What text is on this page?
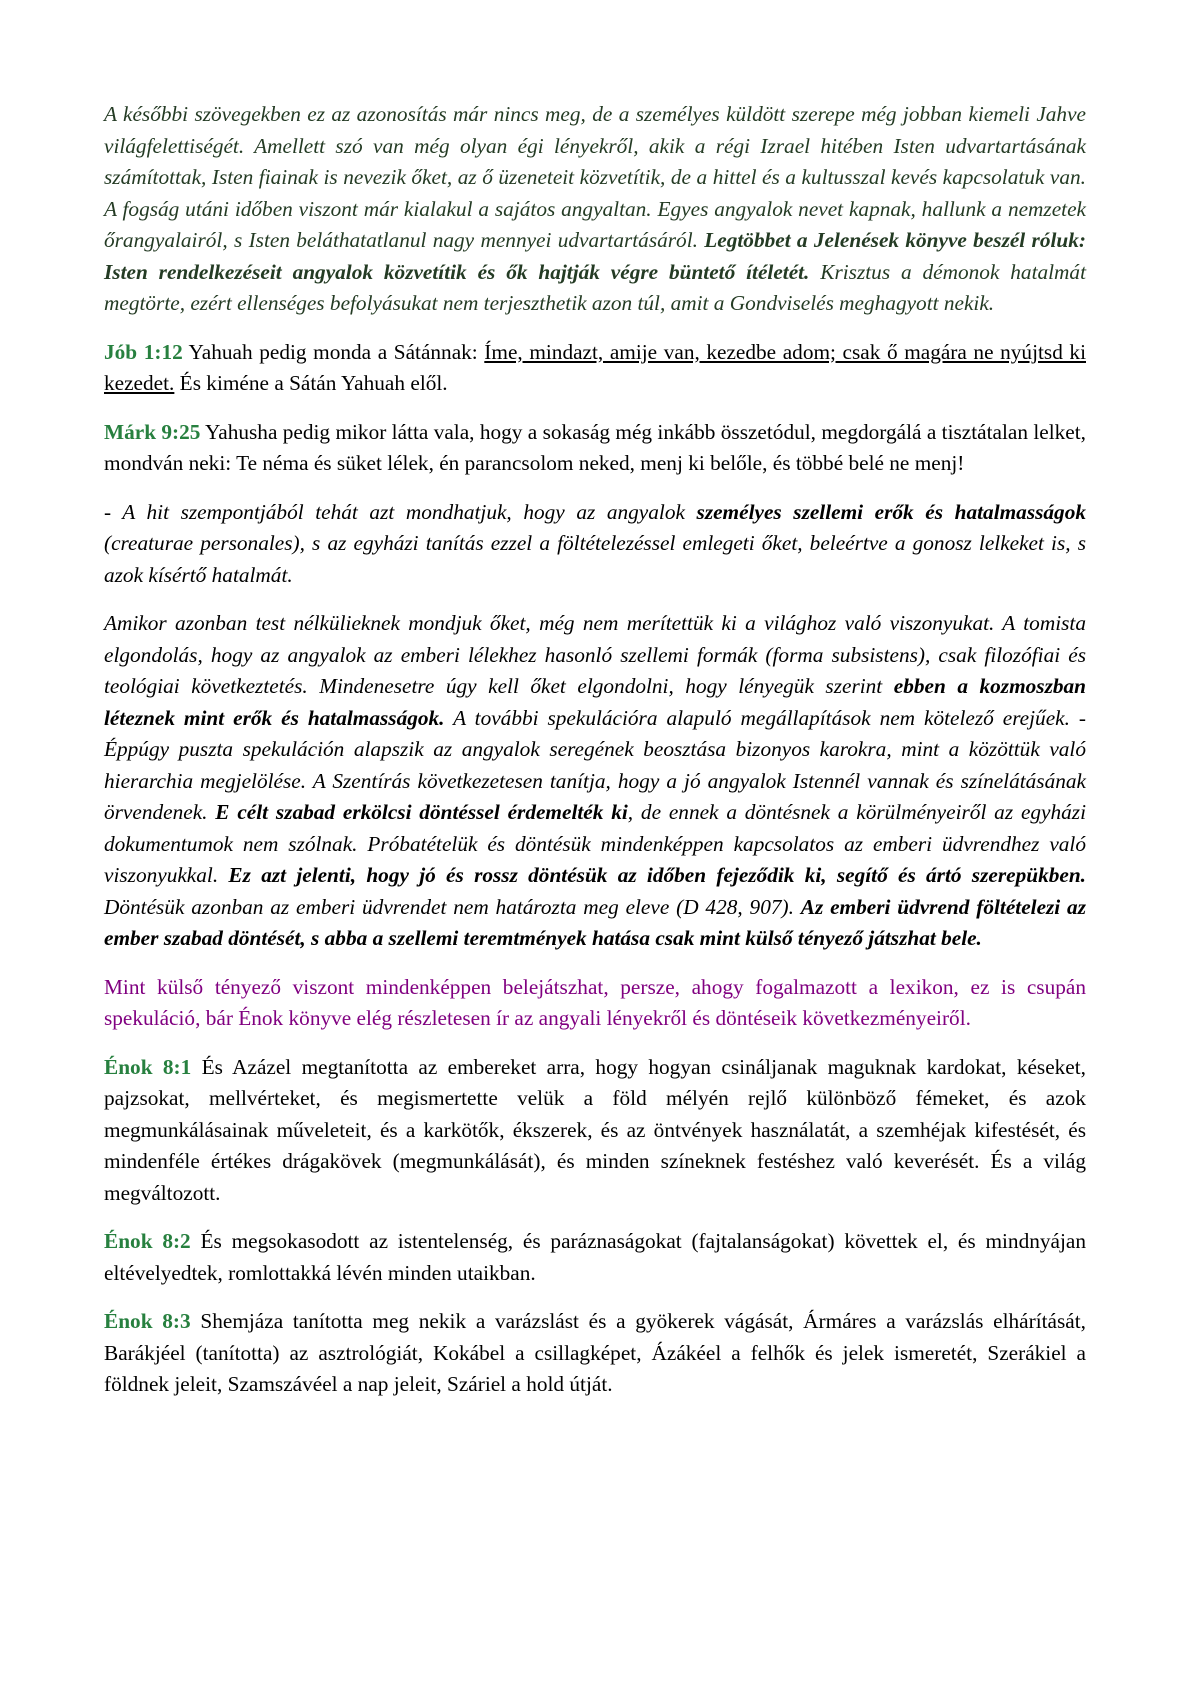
A későbbi szövegekben ez az azonosítás már nincs meg, de a személyes küldött szerepe még jobban kiemeli Jahve világfelettiségét. Amellett szó van még olyan égi lényekről, akik a régi Izrael hitében Isten udvartartásának számítottak, Isten fiainak is nevezik őket, az ő üzeneteit közvetítik, de a hittel és a kultusszal kevés kapcsolatuk van. A fogság utáni időben viszont már kialakul a sajátos angyaltan. Egyes angyalok nevet kapnak, hallunk a nemzetek őrangyalairól, s Isten beláthatatlanul nagy mennyei udvartartásáról. Legtöbbet a Jelenések könyve beszél róluk: Isten rendelkezéseit angyalok közvetítik és ők hajtják végre büntető ítéletét. Krisztus a démonok hatalmát megtörte, ezért ellenséges befolyásukat nem terjeszthetik azon túl, amit a Gondviselés meghagyott nekik.

Jób 1:12 Yahuah pedig monda a Sátánnak: Íme, mindazt, amije van, kezedbe adom; csak ő magára ne nyújtsd ki kezedet. És kiméne a Sátán Yahuah elől.

Márk 9:25 Yahusha pedig mikor látta vala, hogy a sokaság még inkább összetódul, megdorgálá a tisztátalan lelket, mondván neki: Te néma és süket lélek, én parancsolom neked, menj ki belőle, és többé belé ne menj!

- A hit szempontjából tehát azt mondhatjuk, hogy az angyalok személyes szellemi erők és hatalmasságok (creaturae personales), s az egyházi tanítás ezzel a föltételezéssel emlegeti őket, beleértve a gonosz lelkeket is, s azok kísértő hatalmát.

Amikor azonban test nélkülieknek mondjuk őket, még nem merítettük ki a világhoz való viszonyukat. A tomista elgondolás, hogy az angyalok az emberi lélekhez hasonló szellemi formák (forma subsistens), csak filozófiai és teológiai következtetés. Mindenesetre úgy kell őket elgondolni, hogy lényegük szerint ebben a kozmoszban léteznek mint erők és hatalmasságok. A további spekulációra alapuló megállapítások nem kötelező erejűek. - Éppúgy puszta spekuláción alapszik az angyalok seregének beosztása bizonyos karokra, mint a közöttük való hierarchia megjelölése. A Szentírás következetesen tanítja, hogy a jó angyalok Istennél vannak és színelátásának örvendenek. E célt szabad erkölcsi döntéssel érdemelték ki, de ennek a döntésnek a körülményeiről az egyházi dokumentumok nem szólnak. Próbatételük és döntésük mindenképpen kapcsolatos az emberi üdvrendhez való viszonyukkal. Ez azt jelenti, hogy jó és rossz döntésük az időben fejeződik ki, segítő és ártó szerepükben. Döntésük azonban az emberi üdvrendet nem határozta meg eleve (D 428, 907). Az emberi üdvrend föltételezi az ember szabad döntését, s abba a szellemi teremtmények hatása csak mint külső tényező játszhat bele.

Mint külső tényező viszont mindenképpen belejátszhat, persze, ahogy fogalmazott a lexikon, ez is csupán spekuláció, bár Énok könyve elég részletesen ír az angyali lényekről és döntéseik következményeiről.

Énok 8:1 És Azázel megtanította az embereket arra, hogy hogyan csináljanak maguknak kardokat, késeket, pajzsokat, mellvérteket, és megismertette velük a föld mélyén rejlő különböző fémeket, és azok megmunkálásainak műveleteit, és a karkötők, ékszerek, és az öntvények használatát, a szemhéjak kifestését, és mindenféle értékes drágakövek (megmunkálását), és minden színeknek festéshez való keverését. És a világ megváltozott.

Énok 8:2 És megsokasodott az istentelenség, és paráznaságokat (fajtalanságokat) követtek el, és mindnyájan eltévelyedtek, romlottakká lévén minden utaikban.

Énok 8:3 Shemjáza tanította meg nekik a varázslást és a gyökerek vágását, Ármáres a varázslás elhárítását, Barákjéel (tanította) az asztrológiát, Kokábel a csillagképet, Ázákéel a felhők és jelek ismeretét, Szerákiel a földnek jeleit, Szamszávéel a nap jeleit, Száriel a hold útját.
